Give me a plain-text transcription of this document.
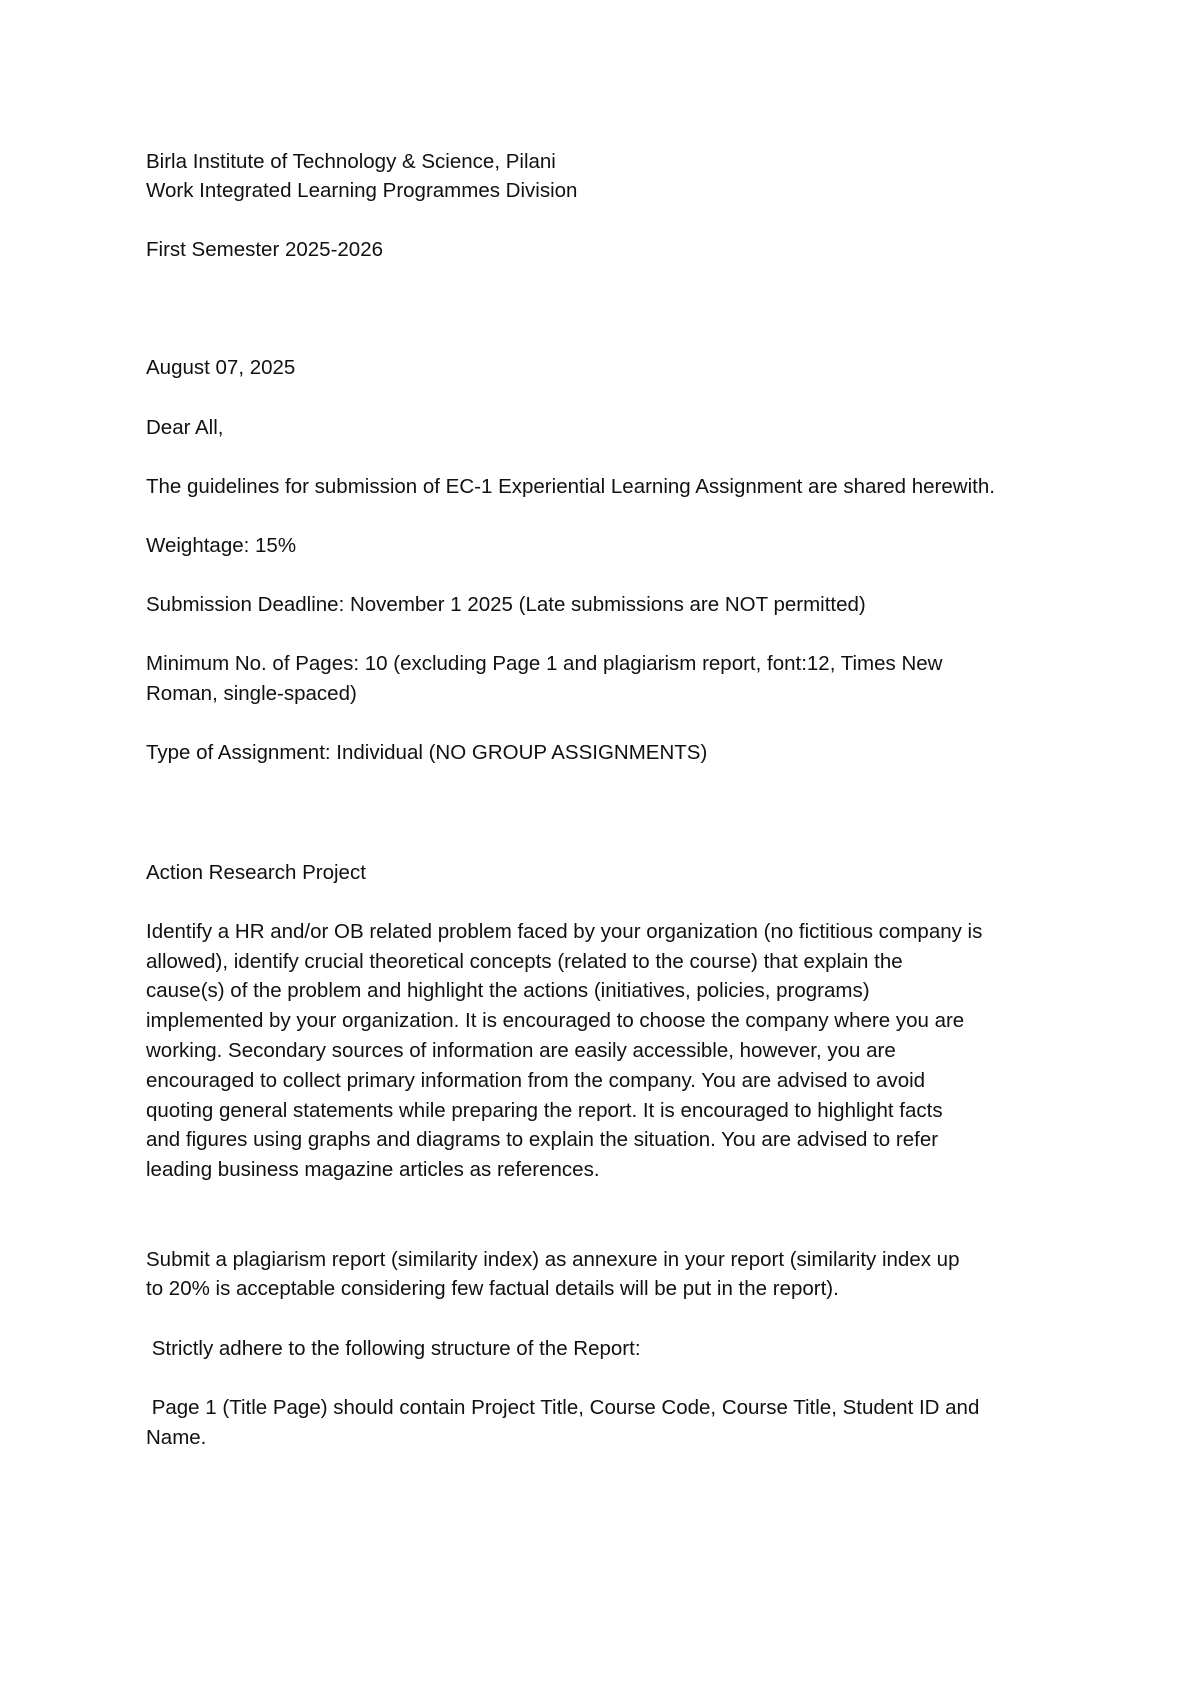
Birla Institute of Technology & Science, Pilani

Work Integrated Learning Programmes Division

First Semester 2025-2026

August 07, 2025

Dear All,

The guidelines for submission of EC-1 Experiential Learning Assignment are shared herewith.

Weightage: 15%

Submission Deadline: November 1 2025 (Late submissions are NOT permitted)

Minimum No. of Pages: 10 (excluding Page 1 and plagiarism report, font:12, Times New

Roman, single-spaced)

Type of Assignment: Individual (NO GROUP ASSIGNMENTS)

Action Research Project

Identify a HR and/or OB related problem faced by your organization (no fictitious company is

allowed), identify crucial theoretical concepts (related to the course) that explain the

cause(s) of the problem and highlight the actions (initiatives, policies, programs)

implemented by your organization. It is encouraged to choose the company where you are

working. Secondary sources of information are easily accessible, however, you are

encouraged to collect primary information from the company. You are advised to avoid

quoting general statements while preparing the report. It is encouraged to highlight facts

and figures using graphs and diagrams to explain the situation. You are advised to refer

leading business magazine articles as references.

Submit a plagiarism report (similarity index) as annexure in your report (similarity index up

to 20% is acceptable considering few factual details will be put in the report).

Strictly adhere to the following structure of the Report:

Page 1 (Title Page) should contain Project Title, Course Code, Course Title, Student ID and

Name.
